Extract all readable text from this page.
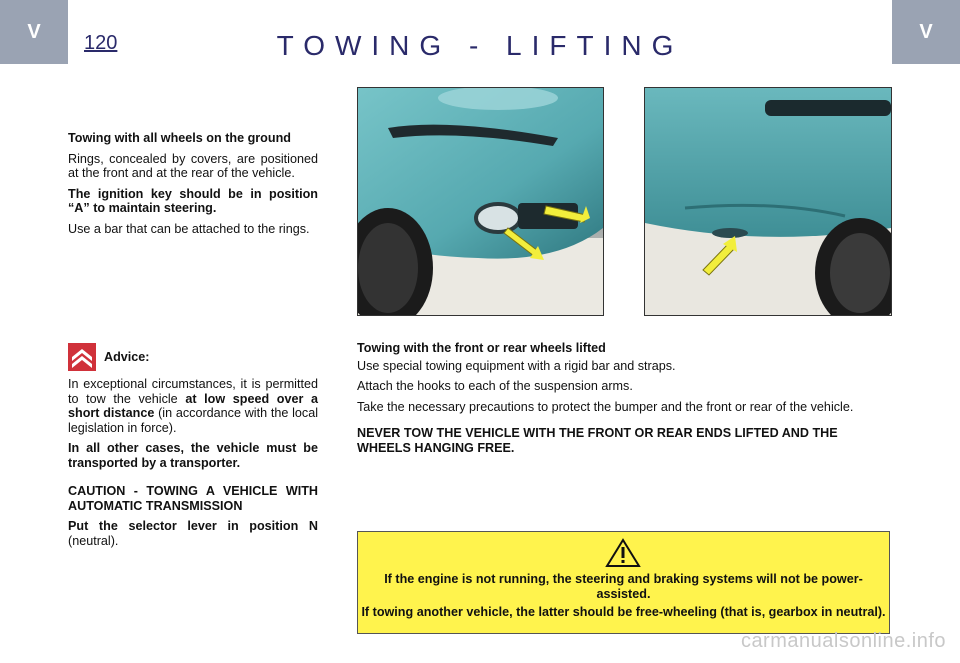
V	V
120	TOWING - LIFTING

Towing with all wheels on the ground

Rings, concealed by covers, are positioned at the front and at the rear of the vehicle.

The ignition key should be in position “A” to maintain steering.

Use a bar that can be attached to the rings.

Advice:

In exceptional circumstances, it is permitted to tow the vehicle at low speed over a short distance (in accordance with the local legislation in force).

In all other cases, the vehicle must be transported by a transporter.

CAUTION - TOWING A VEHICLE WITH AUTOMATIC TRANSMISSION

Put the selector lever in position N (neutral).

Towing with the front or rear wheels lifted

Use special towing equipment with a rigid bar and straps.

Attach the hooks to each of the suspension arms.

Take the necessary precautions to protect the bumper and the front or rear of the vehicle.

NEVER TOW THE VEHICLE WITH THE FRONT OR REAR ENDS LIFTED AND THE WHEELS HANGING FREE.

If the engine is not running, the steering and braking systems will not be power- assisted.

If towing another vehicle, the latter should be free-wheeling (that is, gearbox in neutral).

carmanualsonline.info
